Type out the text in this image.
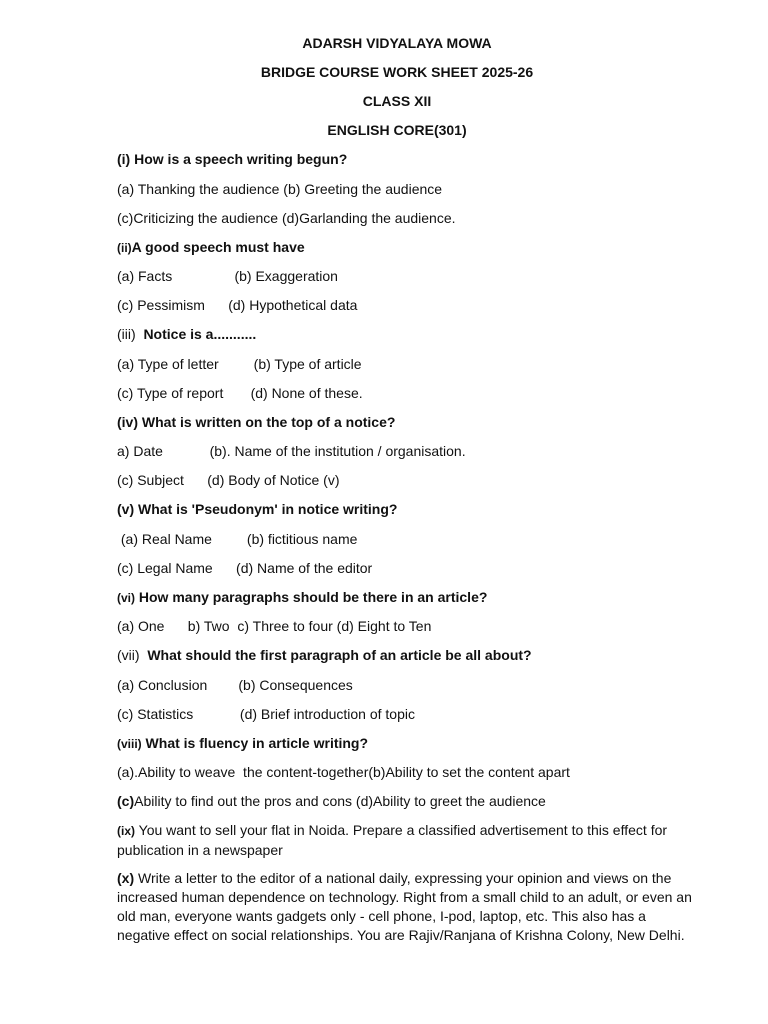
ADARSH VIDYALAYA MOWA
BRIDGE COURSE WORK SHEET 2025-26
CLASS XII
ENGLISH CORE(301)
(i) How is a speech writing begun?
(a) Thanking the audience (b) Greeting the audience
(c)Criticizing the audience (d)Garlanding the audience.
(ii)A good speech must have
(a) Facts                (b) Exaggeration
(c) Pessimism      (d) Hypothetical data
(iii) Notice is a...........
(a) Type of letter         (b) Type of article
(c) Type of report       (d) None of these.
(iv) What is written on the top of a notice?
a) Date            (b). Name of the institution / organisation.
(c) Subject      (d) Body of Notice (v)
(v) What is 'Pseudonym' in notice writing?
(a) Real Name         (b) fictitious name
(c) Legal Name      (d) Name of the editor
(vi) How many paragraphs should be there in an article?
(a) One      b) Two  c) Three to four (d) Eight to Ten
(vii) What should the first paragraph of an article be all about?
(a) Conclusion        (b) Consequences
(c) Statistics            (d) Brief introduction of topic
(viii) What is fluency in article writing?
(a).Ability to weave  the content-together(b)Ability to set the content apart
(c)Ability to find out the pros and cons (d)Ability to greet the audience
(ix) You want to sell your flat in Noida. Prepare a classified advertisement to this effect for publication in a newspaper
(x) Write a letter to the editor of a national daily, expressing your opinion and views on the increased human dependence on technology. Right from a small child to an adult, or even an old man, everyone wants gadgets only - cell phone, I-pod, laptop, etc. This also has a negative effect on social relationships. You are Rajiv/Ranjana of Krishna Colony, New Delhi.
